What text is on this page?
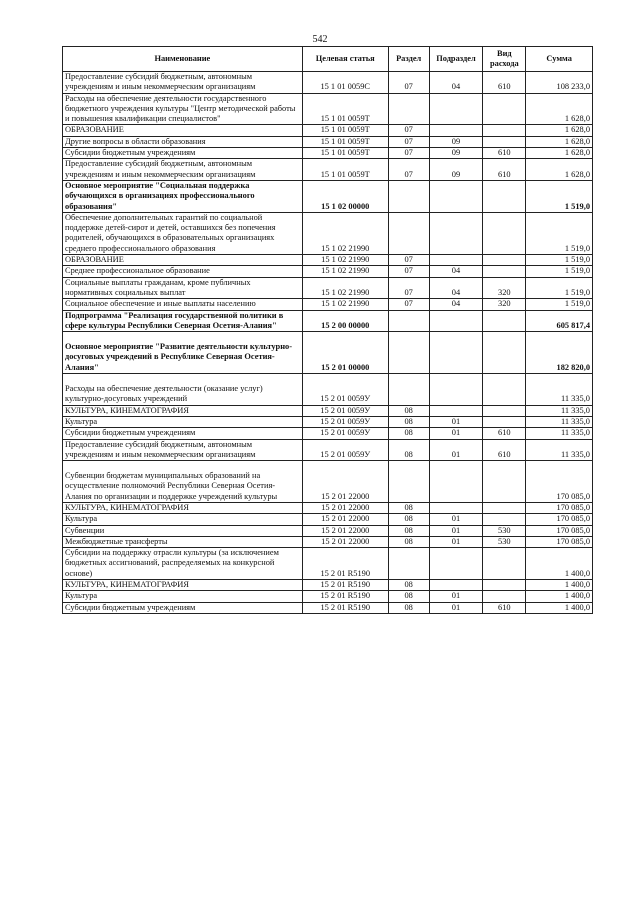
542
Наименование	Целевая статья	Раздел	Подраздел	Вид расхода	Сумма
Предоставление субсидий бюджетным, автономным учреждениям и иным некоммерческим организациям	15 1 01 0059С	07	04	610	108 233,0
Расходы на обеспечение деятельности государственного бюджетного учреждения культуры "Центр методической работы и повышения квалификации специалистов"	15 1 01 0059Т				1 628,0
ОБРАЗОВАНИЕ	15 1 01 0059Т	07			1 628,0
Другие вопросы в области образования	15 1 01 0059Т	07	09		1 628,0
Субсидии бюджетным учреждениям	15 1 01 0059Т	07	09	610	1 628,0
Предоставление субсидий бюджетным, автономным учреждениям и иным некоммерческим организациям	15 1 01 0059Т	07	09	610	1 628,0
Основное мероприятие "Социальная поддержка обучающихся в организациях профессионального образования"	15 1 02 00000				1 519,0
Обеспечение дополнительных гарантий по социальной поддержке детей-сирот и детей, оставшихся без попечения родителей, обучающихся в образовательных организациях среднего профессионального образования	15 1 02 21990				1 519,0
ОБРАЗОВАНИЕ	15 1 02 21990	07			1 519,0
Среднее профессиональное образование	15 1 02 21990	07	04		1 519,0
Социальные выплаты гражданам, кроме публичных нормативных социальных выплат	15 1 02 21990	07	04	320	1 519,0
Социальное обеспечение и иные выплаты населению	15 1 02 21990	07	04	320	1 519,0
Подпрограмма "Реализация государственной политики в сфере культуры Республики Северная Осетия-Алания"	15 2 00 00000				605 817,4
Основное мероприятие "Развитие деятельности культурно-досуговых учреждений в Республике Северная Осетия-Алания"	15 2 01 00000				182 820,0
Расходы на обеспечение деятельности (оказание услуг) культурно-досуговых учреждений	15 2 01 0059У				11 335,0
КУЛЬТУРА, КИНЕМАТОГРАФИЯ	15 2 01 0059У	08			11 335,0
Культура	15 2 01 0059У	08	01		11 335,0
Субсидии бюджетным учреждениям	15 2 01 0059У	08	01	610	11 335,0
Предоставление субсидий бюджетным, автономным учреждениям и иным некоммерческим организациям	15 2 01 0059У	08	01	610	11 335,0
Субвенции бюджетам муниципальных образований на осуществление полномочий Республики Северная Осетия-Алания по организации и поддержке учреждений культуры	15 2 01 22000				170 085,0
КУЛЬТУРА, КИНЕМАТОГРАФИЯ	15 2 01 22000	08			170 085,0
Культура	15 2 01 22000	08	01		170 085,0
Субвенции	15 2 01 22000	08	01	530	170 085,0
Межбюджетные трансферты	15 2 01 22000	08	01	530	170 085,0
Субсидии на поддержку отрасли культуры (за исключением бюджетных ассигнований, распределяемых на конкурсной основе)	15 2 01 R5190				1 400,0
КУЛЬТУРА, КИНЕМАТОГРАФИЯ	15 2 01 R5190	08			1 400,0
Культура	15 2 01 R5190	08	01		1 400,0
Субсидии бюджетным учреждениям	15 2 01 R5190	08	01	610	1 400,0
